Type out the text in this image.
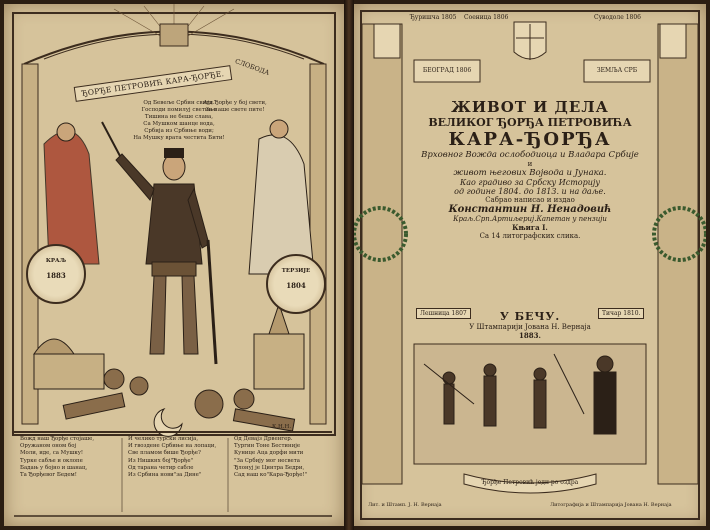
ЂОРЂЕ ПЕТРОВИЋ КАРА-ЂОРЂЕ.
СЛОБОДА
Од Бевеље Србин свити.
Господи помилуј светиње
Тишина не беше слава,
Са Мушком шанце вода,
Србија из Србиње води;
На Мушку врата честита Бити!
Ајд Ђорђе у бој свети,
За наше свете пите!
КРАЉ
1883	ТЕРЗИЈЕ
1804
К.Н.Н.
Вожд наш Ђорђе стојаше,
Оружаном оном бој
Моли, иде, са Мушку!
Турке сабље и оклопе
Бадањ у бојно и шанац,
Тa Ђорђевог Бедем!
И челико турски лисија,
И гвоздене Србиње на лопаци,
Све пламом бише Ђорђе?
Из Нишких бој"Ђорђе"
Од тарана четир сабле
Из Србина нови"за Дине"
Од Девајз Дрвенгер.
Тургин Тоне Бестиније
Кунице Аца дорфи мити
"За Србију мог несвета
Ђлонуј је Цинтра Бедри,
Сад наш ко"Кара-Ђорђе!"
Ђуришча 1805 Соеница 1806	Суводоле 1806
БЕОГРАД 1806	ЗЕМЉА СРБ
ЖИВОТ И ДЕЛА
ВЕЛИКОГ ЂОРЂА ПЕТРОВИЋА
КАРА-ЂОРЂА
Врховног Вожда ослободиоца и Владара Србије
и
живот његових Војвода и Јунака.
Као градиво за Србску Историју
од године 1804. до 1813. и на даље.
Сабрао написао и издао
Константин Н. Ненадовић
Краљ.Срп.Артиљериј.Капетан у пензији
Књига I.
Са 14 литографских слика.
Лешница 1807	Тичар 1810.
У БЕЧУ.
У Штампарији Јована Н. Вернаја
1883.
Ђорђе Петровић једн ро оздра
Лит. и Штамп. Ј. Н. Вернаја	Литографија и Штампарија Јована Н. Вернаја
